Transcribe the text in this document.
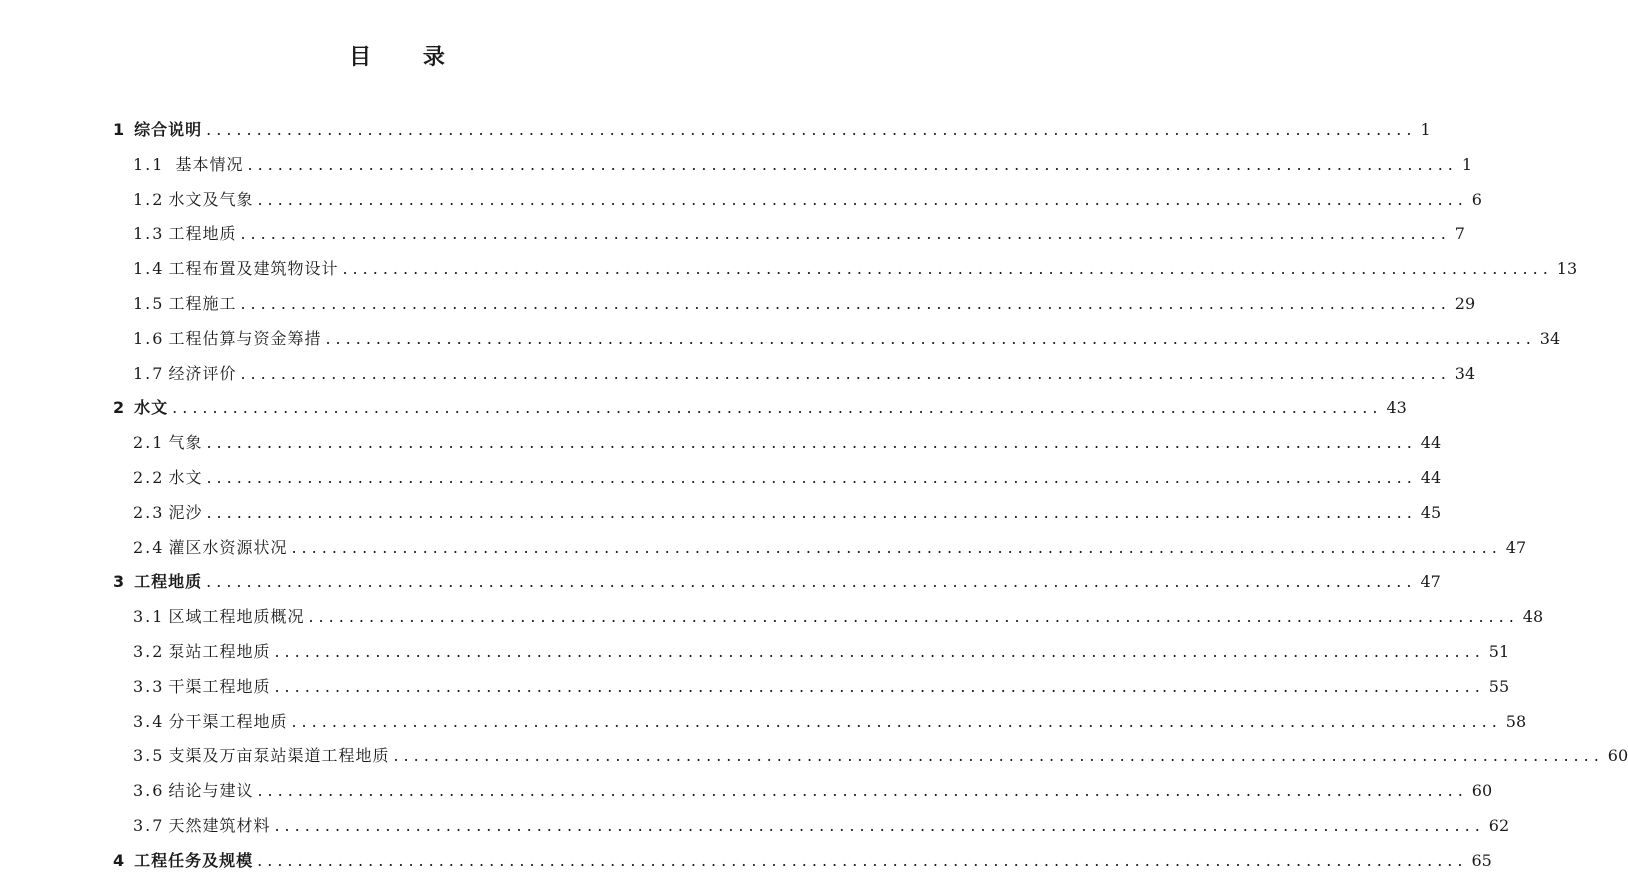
目 录
1 综合说明 ........................................................................................................................ 1
1.1 基本情况 ........................................................................................................................ 1
1.2 水文及气象 ........................................................................................................................ 6
1.3 工程地质 ........................................................................................................................ 7
1.4 工程布置及建筑物设计 ........................................................................................................................ 13
1.5 工程施工 ........................................................................................................................ 29
1.6 工程估算与资金筹措 ........................................................................................................................ 34
1.7 经济评价 ........................................................................................................................ 34
2 水文 ........................................................................................................................ 43
2.1 气象 ........................................................................................................................ 44
2.2 水文 ........................................................................................................................ 44
2.3 泥沙 ........................................................................................................................ 45
2.4 灌区水资源状况 ........................................................................................................................ 47
3 工程地质 ........................................................................................................................ 47
3.1 区域工程地质概况 ........................................................................................................................ 48
3.2 泵站工程地质 ........................................................................................................................ 51
3.3 干渠工程地质 ........................................................................................................................ 55
3.4 分干渠工程地质 ........................................................................................................................ 58
3.5 支渠及万亩泵站渠道工程地质 ........................................................................................................................ 60
3.6 结论与建议 ........................................................................................................................ 60
3.7 天然建筑材料 ........................................................................................................................ 62
4 工程任务及规模 ........................................................................................................................ 65
